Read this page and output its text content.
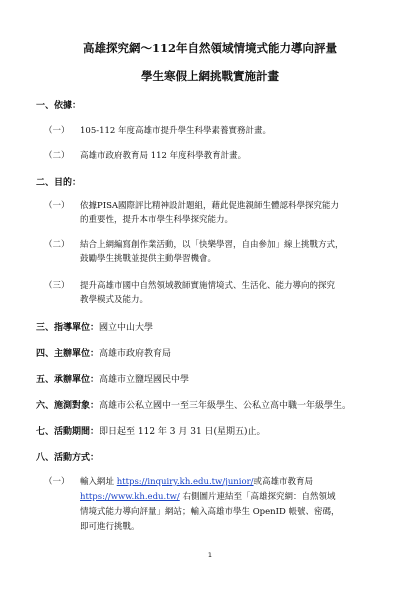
高雄探究網～112年自然領域情境式能力導向評量
學生寒假上網挑戰實施計畫
一、依據：
（一） 105-112 年度高雄市提升學生科學素養實務計畫。
（二） 高雄市政府教育局 112 年度科學教育計畫。
二、目的：
（一） 依據PISA國際評比精神設計題組，藉此促進親師生體認科學探究能力
的重要性，提升本市學生科學探究能力。
（二） 結合上網編寫創作業活動，以「快樂學習，自由參加」線上挑戰方式，
鼓勵學生挑戰並提供主動學習機會。
（三） 提升高雄市國中自然領域教師實施情境式、生活化、能力導向的探究
教學模式及能力。
三、指導單位：國立中山大學
四、主辦單位：高雄市政府教育局
五、承辦單位：高雄市立鹽埕國民中學
六、施測對象：高雄市公私立國中一至三年級學生、公私立高中職一年級學生。
七、活動期間：即日起至 112 年 3 月 31 日(星期五)止。
八、活動方式：
（一） 輸入網址 https://inquiry.kh.edu.tw/junior/或高雄市教育局
https://www.kh.edu.tw/ 右側圖片連結至「高雄探究網：自然領域
情境式能力導向評量」網站；輸入高雄市學生 OpenID 帳號、密碼，
即可進行挑戰。
1
